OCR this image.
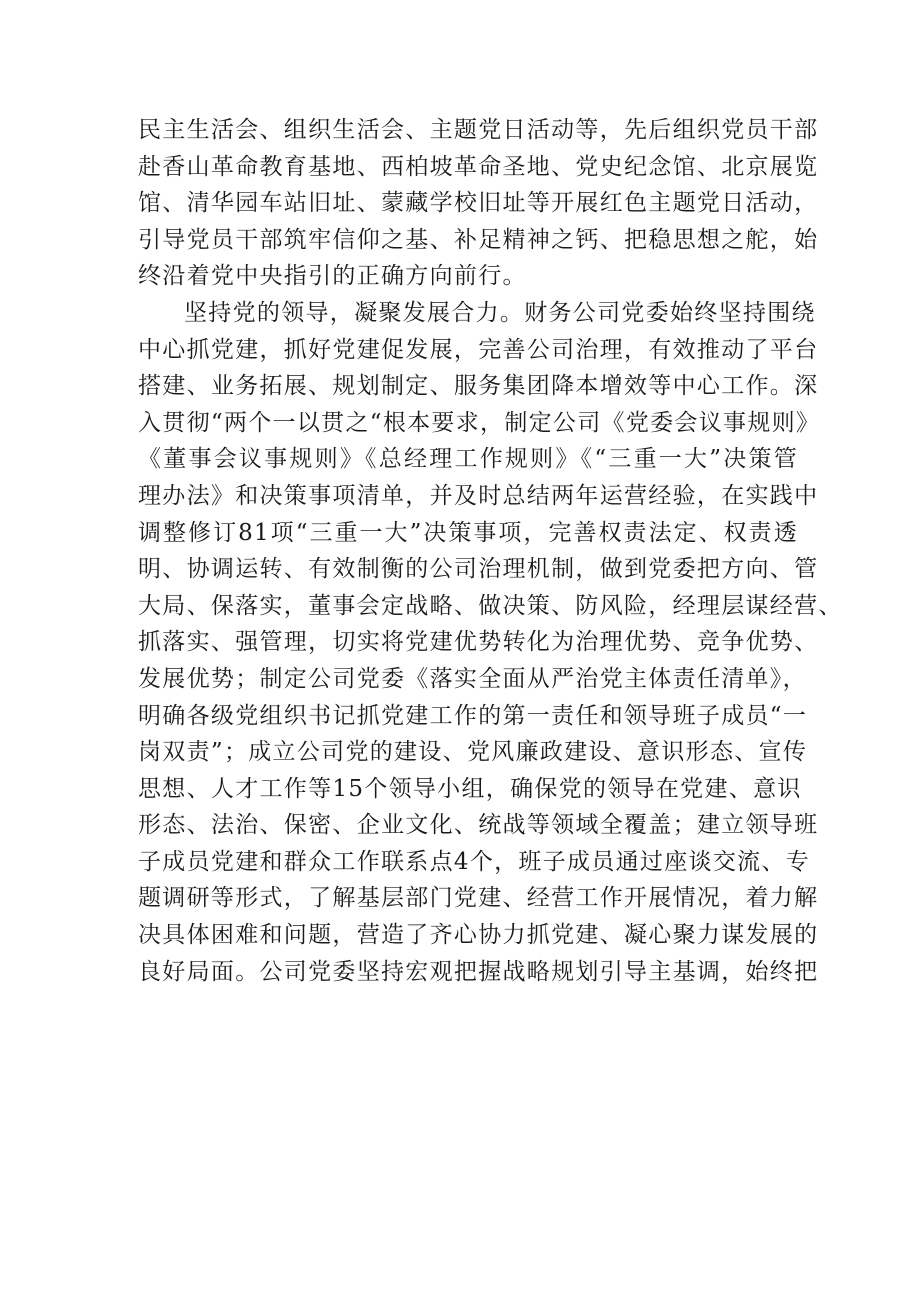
民主生活会、组织生活会、主题党日活动等，先后组织党员干部
赴香山革命教育基地、西柏坡革命圣地、党史纪念馆、北京展览
馆、清华园车站旧址、蒙藏学校旧址等开展红色主题党日活动，
引导党员干部筑牢信仰之基、补足精神之钙、把稳思想之舵，始
终沿着党中央指引的正确方向前行。
坚持党的领导，凝聚发展合力。财务公司党委始终坚持围绕
中心抓党建，抓好党建促发展，完善公司治理，有效推动了平台
搭建、业务拓展、规划制定、服务集团降本增效等中心工作。深
入贯彻“两个一以贯之“根本要求，制定公司《党委会议事规则》
《董事会议事规则》《总经理工作规则》《“三重一大”决策管
理办法》和决策事项清单，并及时总结两年运营经验，在实践中
调整修订81项“三重一大”决策事项，完善权责法定、权责透
明、协调运转、有效制衡的公司治理机制，做到党委把方向、管
大局、保落实，董事会定战略、做决策、防风险，经理层谋经营、
抓落实、强管理，切实将党建优势转化为治理优势、竞争优势、
发展优势；制定公司党委《落实全面从严治党主体责任清单》，
明确各级党组织书记抓党建工作的第一责任和领导班子成员“一
岗双责”；成立公司党的建设、党风廉政建设、意识形态、宣传
思想、人才工作等15个领导小组，确保党的领导在党建、意识
形态、法治、保密、企业文化、统战等领域全覆盖；建立领导班
子成员党建和群众工作联系点4个，班子成员通过座谈交流、专
题调研等形式，了解基层部门党建、经营工作开展情况，着力解
决具体困难和问题，营造了齐心协力抓党建、凝心聚力谋发展的
良好局面。公司党委坚持宏观把握战略规划引导主基调，始终把
